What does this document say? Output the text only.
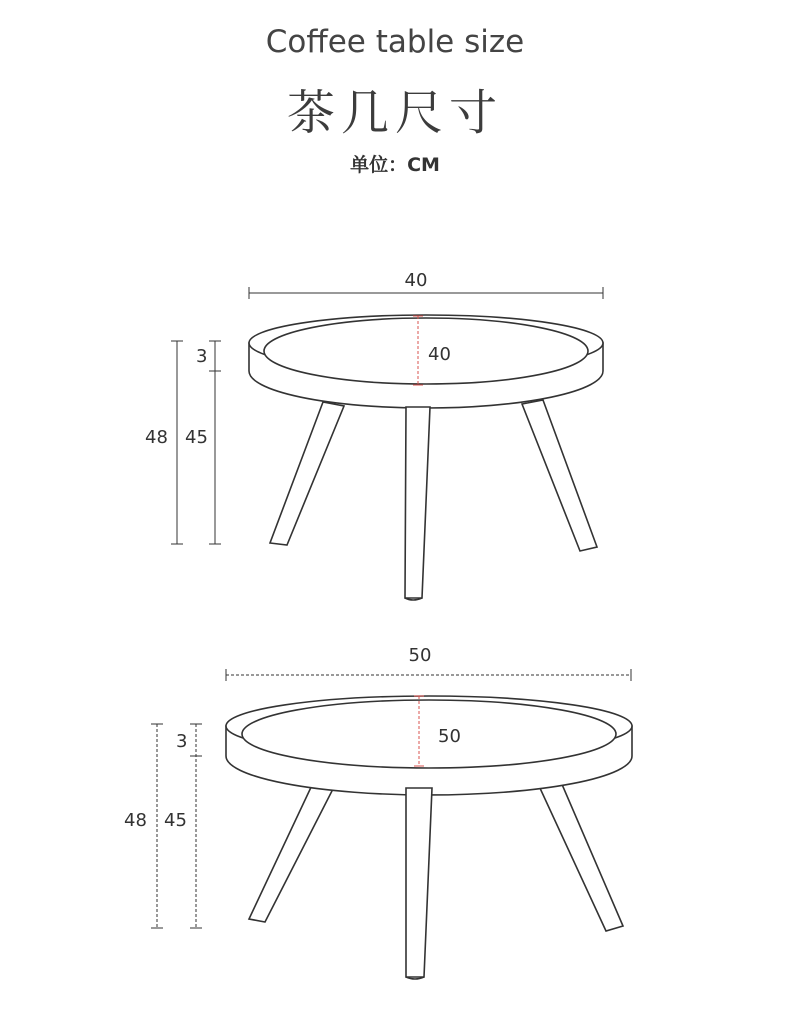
Coffee table size
茶几尺寸
单位：CM
40
40
3
48 45
50
50
3
48 45
